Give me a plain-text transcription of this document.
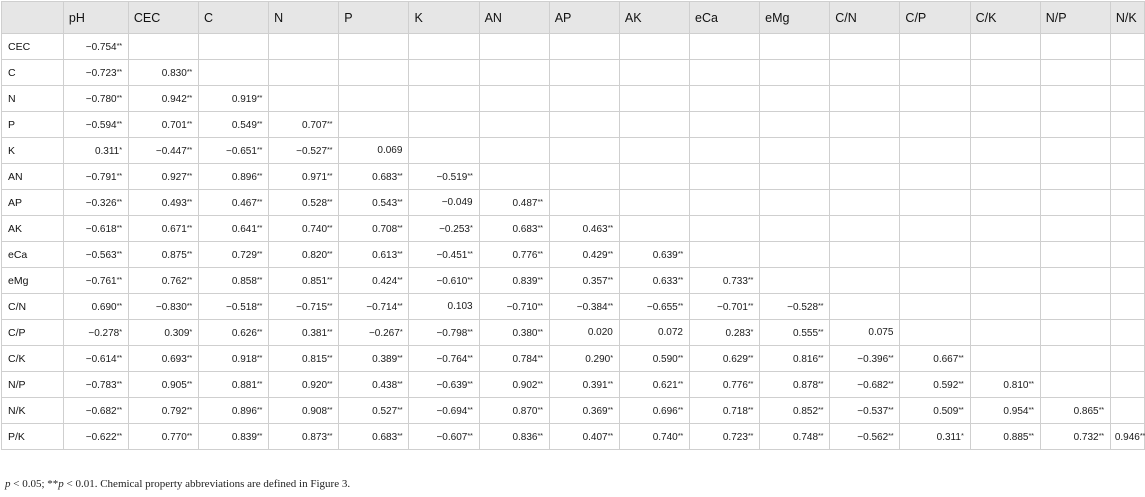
	pH	CEC	C	N	P	K	AN	AP	AK	eCa	eMg	C/N	C/P	C/K	N/P	N/K
CEC	−0.754**															
C	−0.723**	0.830**														
N	−0.780**	0.942**	0.919**													
P	−0.594**	0.701**	0.549**	0.707**												
K	0.311*	−0.447**	−0.651**	−0.527**	0.069											
AN	−0.791**	0.927**	0.896**	0.971**	0.683**	−0.519**										
AP	−0.326**	0.493**	0.467**	0.528**	0.543**	−0.049	0.487**									
AK	−0.618**	0.671**	0.641**	0.740**	0.708**	−0.253*	0.683**	0.463**								
eCa	−0.563**	0.875**	0.729**	0.820**	0.613**	−0.451**	0.776**	0.429**	0.639**							
eMg	−0.761**	0.762**	0.858**	0.851**	0.424**	−0.610**	0.839**	0.357**	0.633**	0.733**						
C/N	0.690**	−0.830**	−0.518**	−0.715**	−0.714**	0.103	−0.710**	−0.384**	−0.655**	−0.701**	−0.528**					
C/P	−0.278*	0.309*	0.626**	0.381**	−0.267*	−0.798**	0.380**	0.020	0.072	0.283*	0.555**	0.075				
C/K	−0.614**	0.693**	0.918**	0.815**	0.389**	−0.764**	0.784**	0.290*	0.590**	0.629**	0.816**	−0.396**	0.667**			
N/P	−0.783**	0.905**	0.881**	0.920**	0.438**	−0.639**	0.902**	0.391**	0.621**	0.776**	0.878**	−0.682**	0.592**	0.810**		
N/K	−0.682**	0.792**	0.896**	0.908**	0.527**	−0.694**	0.870**	0.369**	0.696**	0.718**	0.852**	−0.537**	0.509**	0.954**	0.865**	
P/K	−0.622**	0.770**	0.839**	0.873**	0.683**	−0.607**	0.836**	0.407**	0.740**	0.723**	0.748**	−0.562**	0.311*	0.885**	0.732**	0.946**
p < 0.05; **p < 0.01. Chemical property abbreviations are defined in Figure 3.
